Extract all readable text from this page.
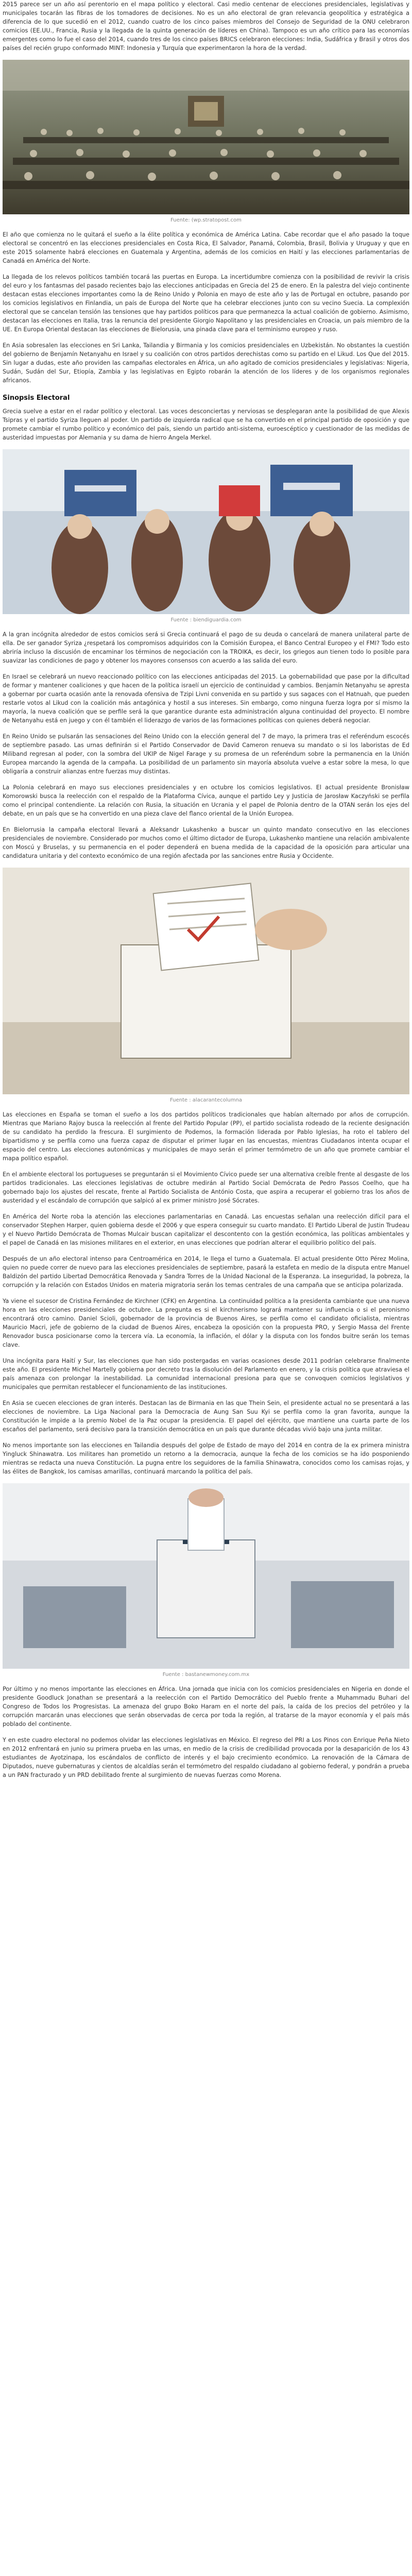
2015 parece ser un año así perentorio en el mapa político y electoral. Casi medio centenar de elecciones presidenciales, legislativas y municipales tocarán las fibras de los tomadores de decisiones. No es un año electoral de gran relevancia geopolítica y estratégica a diferencia de lo que sucedió en el 2012, cuando cuatro de los cinco países miembros del Consejo de Seguridad de la ONU celebraron comicios (EE.UU., Francia, Rusia y la llegada de la quinta generación de líderes en China). Tampoco es un año crítico para las economías emergentes como lo fue el caso del 2014, cuando tres de los cinco países BRICS celebraron elecciones: India, Sudáfrica y Brasil y otros dos países del recién grupo conformado MINT: Indonesia y Turquía que experimentaron la hora de la verdad.

Fuente: (wp.stratopost.com

El año que comienza no le quitará el sueño a la élite política y económica de América Latina. Cabe recordar que el año pasado la toque electoral se concentró en las elecciones presidenciales en Costa Rica, El Salvador, Panamá, Colombia, Brasil, Bolivia y Uruguay y que en este 2015 solamente habrá elecciones en Guatemala y Argentina, además de los comicios en Haití y las elecciones parlamentarias de Canadá en América del Norte.

La llegada de los relevos políticos también tocará las puertas en Europa. La incertidumbre comienza con la posibilidad de revivir la crisis del euro y los fantasmas del pasado recientes bajo las elecciones anticipadas en Grecia del 25 de enero. En la palestra del viejo continente destacan estas elecciones importantes como la de Reino Unido y Polonia en mayo de este año y las de Portugal en octubre, pasando por los comicios legislativos en Finlandia, un país de Europa del Norte que ha celebrar elecciones junto con su vecino Suecia. La complexión electoral que se cancelan tensión las tensiones que hay partidos políticos para que permanezca la actual coalición de gobierno. Asimismo, destacan las elecciones en Italia, tras la renuncia del presidente Giorgio Napolitano y las presidenciales en Croacia, un país miembro de la UE. En Europa Oriental destacan las elecciones de Bielorusia, una pinada clave para el terminismo europeo y ruso.

En Asia sobresalen las elecciones en Sri Lanka, Tailandia y Birmania y los comicios presidenciales en Uzbekistán. No obstantes la cuestión del gobierno de Benjamín Netanyahu en Israel y su coalición con otros partidos derechistas como su partido en el Likud. Los Que del 2015. Sin lugar a dudas, este año providen las campañas electorales en África, un año agitado de comicios presidenciales y legislativas: Nigeria, Sudán, Sudán del Sur, Etiopía, Zambia y las legislativas en Egipto robarán la atención de los líderes y de los organismos regionales africanos.

Sinopsis Electoral

Grecia suelve a estar en el radar político y electoral. Las voces desconciertas y nerviosas se desplegaran ante la posibilidad de que Alexis Tsipras y el partido Syriza lleguen al poder. Un partido de izquierda radical que se ha convertido en el principal partido de oposición y que promete cambiar el rumbo político y económico del país, siendo un partido anti-sistema, euroescéptico y cuestionador de las medidas de austeridad impuestas por Alemania y su dama de hierro Angela Merkel.

Fuente : biendiguardia.com

A la gran incógnita alrededor de estos comicios será si Grecia continuará el pago de su deuda o cancelará de manera unilateral parte de ella. De ser ganador Syriza ¿respetará los compromisos adquiridos con la Comisión Europea, el Banco Central Europeo y el FMI? Todo esto abriría incluso la discusión de encaminar los términos de negociación con la TROIKA, es decir, los griegos aun tienen todo lo posible para suavizar las condiciones de pago y obtener los mayores consensos con acuerdo a las salida del euro.

En Israel se celebrará un nuevo reaccionado político con las elecciones anticipadas del 2015. La gobernabilidad que pase por la dificultad de formar y mantener coaliciones y que hacen de la política israelí un ejercicio de continuidad y cambios. Benjamín Netanyahu se apresta a gobernar por cuarta ocasión ante la renovada ofensiva de Tzipi Livni convenida en su partido y sus sagaces con el Hatnuah, que pueden restarle votos al Likud con la coalición más antagónica y hostil a sus intereses. Sin embargo, como ninguna fuerza logra por sí mismo la mayoría, la nueva coalición que se perfile será la que garantice durante esta administración alguna continuidad del proyecto. El nombre de Netanyahu está en juego y con él también el liderazgo de varios de las formaciones políticas con quienes deberá negociar.

En Reino Unido se pulsarán las sensaciones del Reino Unido con la elección general del 7 de mayo, la primera tras el referéndum escocés de septiembre pasado. Las urnas definirán si el Partido Conservador de David Cameron renueva su mandato o si los laboristas de Ed Miliband regresan al poder, con la sombra del UKIP de Nigel Farage y su promesa de un referéndum sobre la permanencia en la Unión Europea marcando la agenda de la campaña. La posibilidad de un parlamento sin mayoría absoluta vuelve a estar sobre la mesa, lo que obligaría a construir alianzas entre fuerzas muy distintas.

La Polonia celebrará en mayo sus elecciones presidenciales y en octubre los comicios legislativos. El actual presidente Bronisław Komorowski busca la reelección con el respaldo de la Plataforma Cívica, aunque el partido Ley y Justicia de Jarosław Kaczyński se perfila como el principal contendiente. La relación con Rusia, la situación en Ucrania y el papel de Polonia dentro de la OTAN serán los ejes del debate, en un país que se ha convertido en una pieza clave del flanco oriental de la Unión Europea.

En Bielorrusia la campaña electoral llevará a Aleksandr Lukashenko a buscar un quinto mandato consecutivo en las elecciones presidenciales de noviembre. Considerado por muchos como el último dictador de Europa, Lukashenko mantiene una relación ambivalente con Moscú y Bruselas, y su permanencia en el poder dependerá en buena medida de la capacidad de la oposición para articular una candidatura unitaria y del contexto económico de una región afectada por las sanciones entre Rusia y Occidente.

Fuente : alacarantecolumna

Las elecciones en España se toman el sueño a los dos partidos políticos tradicionales que habían alternado por años de corrupción. Mientras que Mariano Rajoy busca la reelección al frente del Partido Popular (PP), el partido socialista rodeado de la reciente designación de su candidato ha perdido la frescura. El surgimiento de Podemos, la formación liderada por Pablo Iglesias, ha roto el tablero del bipartidismo y se perfila como una fuerza capaz de disputar el primer lugar en las encuestas, mientras Ciudadanos intenta ocupar el espacio del centro. Las elecciones autonómicas y municipales de mayo serán el primer termómetro de un año que promete cambiar el mapa político español.

En el ambiente electoral los portugueses se preguntarán si el Movimiento Cívico puede ser una alternativa creíble frente al desgaste de los partidos tradicionales. Las elecciones legislativas de octubre medirán al Partido Social Demócrata de Pedro Passos Coelho, que ha gobernado bajo los ajustes del rescate, frente al Partido Socialista de António Costa, que aspira a recuperar el gobierno tras los años de austeridad y el escándalo de corrupción que salpicó al ex primer ministro José Sócrates.

En América del Norte roba la atención las elecciones parlamentarias en Canadá. Las encuestas señalan una reelección difícil para el conservador Stephen Harper, quien gobierna desde el 2006 y que espera conseguir su cuarto mandato. El Partido Liberal de Justin Trudeau y el Nuevo Partido Demócrata de Thomas Mulcair buscan capitalizar el descontento con la gestión económica, las políticas ambientales y el papel de Canadá en las misiones militares en el exterior, en unas elecciones que podrían alterar el equilibrio político del país.

Después de un año electoral intenso para Centroamérica en 2014, le llega el turno a Guatemala. El actual presidente Otto Pérez Molina, quien no puede correr de nuevo para las elecciones presidenciales de septiembre, pasará la estafeta en medio de la disputa entre Manuel Baldizón del partido Libertad Democrática Renovada y Sandra Torres de la Unidad Nacional de la Esperanza. La inseguridad, la pobreza, la corrupción y la relación con Estados Unidos en materia migratoria serán los temas centrales de una campaña que se anticipa polarizada.

Ya viene el sucesor de Cristina Fernández de Kirchner (CFK) en Argentina. La continuidad política a la presidenta cambiante que una nueva hora en las elecciones presidenciales de octubre. La pregunta es si el kirchnerismo logrará mantener su influencia o si el peronismo encontrará otro camino. Daniel Scioli, gobernador de la provincia de Buenos Aires, se perfila como el candidato oficialista, mientras Mauricio Macri, jefe de gobierno de la ciudad de Buenos Aires, encabeza la oposición con la propuesta PRO, y Sergio Massa del Frente Renovador busca posicionarse como la tercera vía. La economía, la inflación, el dólar y la disputa con los fondos buitre serán los temas clave.

Una incógnita para Haití y Sur, las elecciones que han sido postergadas en varias ocasiones desde 2011 podrían celebrarse finalmente este año. El presidente Michel Martelly gobierna por decreto tras la disolución del Parlamento en enero, y la crisis política que atraviesa el país amenaza con prolongar la inestabilidad. La comunidad internacional presiona para que se convoquen comicios legislativos y municipales que permitan restablecer el funcionamiento de las instituciones.

En Asia se cuecen elecciones de gran interés. Destacan las de Birmania en las que Thein Sein, el presidente actual no se presentará a las elecciones de noviembre. La Liga Nacional para la Democracia de Aung San Suu Kyi se perfila como la gran favorita, aunque la Constitución le impide a la premio Nobel de la Paz ocupar la presidencia. El papel del ejército, que mantiene una cuarta parte de los escaños del parlamento, será decisivo para la transición democrática en un país que durante décadas vivió bajo una junta militar.

No menos importante son las elecciones en Tailandia después del golpe de Estado de mayo del 2014 en contra de la ex primera ministra Yingluck Shinawatra. Los militares han prometido un retorno a la democracia, aunque la fecha de los comicios se ha ido posponiendo mientras se redacta una nueva Constitución. La pugna entre los seguidores de la familia Shinawatra, conocidos como los camisas rojas, y las élites de Bangkok, los camisas amarillas, continuará marcando la política del país.

Fuente : bastanewmoney.com.mx

Por último y no menos importante las elecciones en África. Una jornada que inicia con los comicios presidenciales en Nigeria en donde el presidente Goodluck Jonathan se presentará a la reelección con el Partido Democrático del Pueblo frente a Muhammadu Buhari del Congreso de Todos los Progresistas. La amenaza del grupo Boko Haram en el norte del país, la caída de los precios del petróleo y la corrupción marcarán unas elecciones que serán observadas de cerca por toda la región, al tratarse de la mayor economía y el país más poblado del continente.

Y en este cuadro electoral no podemos olvidar las elecciones legislativas en México. El regreso del PRI a Los Pinos con Enrique Peña Nieto en 2012 enfrentará en junio su primera prueba en las urnas, en medio de la crisis de credibilidad provocada por la desaparición de los 43 estudiantes de Ayotzinapa, los escándalos de conflicto de interés y el bajo crecimiento económico. La renovación de la Cámara de Diputados, nueve gubernaturas y cientos de alcaldías serán el termómetro del respaldo ciudadano al gobierno federal, y pondrán a prueba a un PAN fracturado y un PRD debilitado frente al surgimiento de nuevas fuerzas como Morena.
